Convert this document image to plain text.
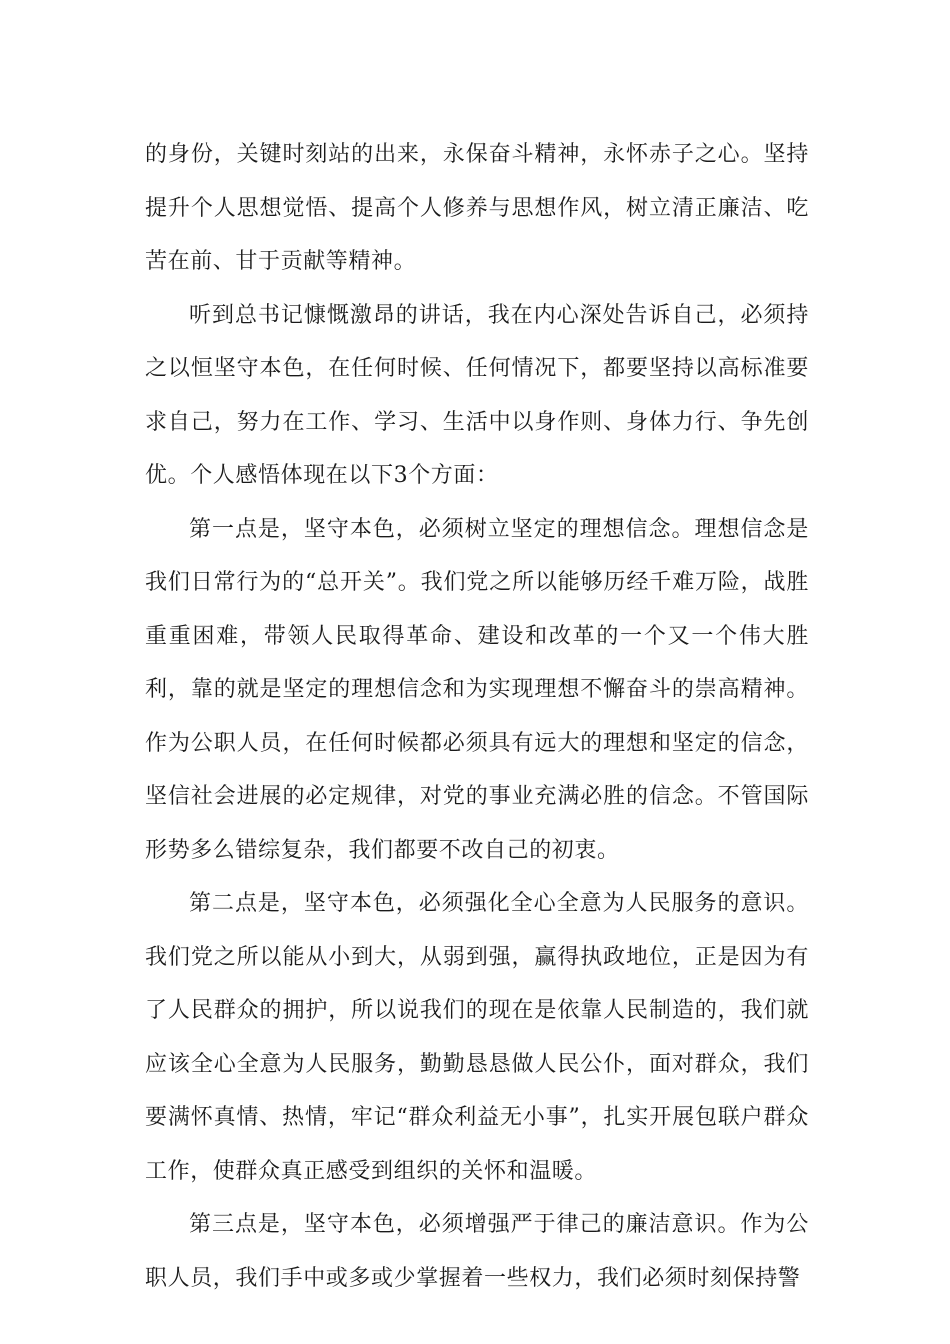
的身份，关键时刻站的出来，永保奋斗精神，永怀赤子之心。坚持提升个人思想觉悟、提高个人修养与思想作风，树立清正廉洁、吃苦在前、甘于贡献等精神。

听到总书记慷慨激昂的讲话，我在内心深处告诉自己，必须持之以恒坚守本色，在任何时候、任何情况下，都要坚持以高标准要求自己，努力在工作、学习、生活中以身作则、身体力行、争先创优。个人感悟体现在以下3个方面：

第一点是，坚守本色，必须树立坚定的理想信念。理想信念是我们日常行为的“总开关”。我们党之所以能够历经千难万险，战胜重重困难，带领人民取得革命、建设和改革的一个又一个伟大胜利，靠的就是坚定的理想信念和为实现理想不懈奋斗的崇高精神。作为公职人员，在任何时候都必须具有远大的理想和坚定的信念，坚信社会进展的必定规律，对党的事业充满必胜的信念。不管国际形势多么错综复杂，我们都要不改自己的初衷。

第二点是，坚守本色，必须强化全心全意为人民服务的意识。我们党之所以能从小到大，从弱到强，赢得执政地位，正是因为有了人民群众的拥护，所以说我们的现在是依靠人民制造的，我们就应该全心全意为人民服务，勤勤恳恳做人民公仆，面对群众，我们要满怀真情、热情，牢记“群众利益无小事”，扎实开展包联户群众工作，使群众真正感受到组织的关怀和温暖。

第三点是，坚守本色，必须增强严于律己的廉洁意识。作为公职人员，我们手中或多或少掌握着一些权力，我们必须时刻保持警
